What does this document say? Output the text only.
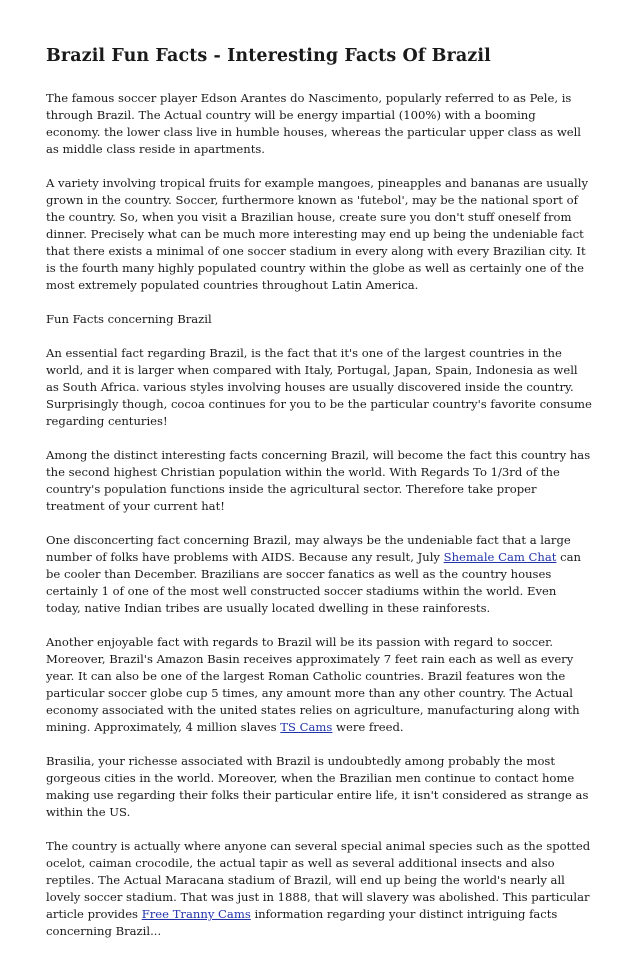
Brazil Fun Facts - Interesting Facts Of Brazil

The famous soccer player Edson Arantes do Nascimento, popularly referred to as Pele, is through Brazil. The Actual country will be energy impartial (100%) with a booming economy. the lower class live in humble houses, whereas the particular upper class as well as middle class reside in apartments.

A variety involving tropical fruits for example mangoes, pineapples and bananas are usually grown in the country. Soccer, furthermore known as 'futebol', may be the national sport of the country. So, when you visit a Brazilian house, create sure you don't stuff oneself from dinner. Precisely what can be much more interesting may end up being the undeniable fact that there exists a minimal of one soccer stadium in every along with every Brazilian city. It is the fourth many highly populated country within the globe as well as certainly one of the most extremely populated countries throughout Latin America.

Fun Facts concerning Brazil

An essential fact regarding Brazil, is the fact that it's one of the largest countries in the world, and it is larger when compared with Italy, Portugal, Japan, Spain, Indonesia as well as South Africa. various styles involving houses are usually discovered inside the country. Surprisingly though, cocoa continues for you to be the particular country's favorite consume regarding centuries!

Among the distinct interesting facts concerning Brazil, will become the fact this country has the second highest Christian population within the world. With Regards To 1/3rd of the country's population functions inside the agricultural sector. Therefore take proper treatment of your current hat!

One disconcerting fact concerning Brazil, may always be the undeniable fact that a large number of folks have problems with AIDS. Because any result, July Shemale Cam Chat can be cooler than December. Brazilians are soccer fanatics as well as the country houses certainly 1 of one of the most well constructed soccer stadiums within the world. Even today, native Indian tribes are usually located dwelling in these rainforests.

Another enjoyable fact with regards to Brazil will be its passion with regard to soccer. Moreover, Brazil's Amazon Basin receives approximately 7 feet rain each as well as every year. It can also be one of the largest Roman Catholic countries. Brazil features won the particular soccer globe cup 5 times, any amount more than any other country. The Actual economy associated with the united states relies on agriculture, manufacturing along with mining. Approximately, 4 million slaves TS Cams were freed.

Brasilia, your richesse associated with Brazil is undoubtedly among probably the most gorgeous cities in the world. Moreover, when the Brazilian men continue to contact home making use regarding their folks their particular entire life, it isn't considered as strange as within the US.

The country is actually where anyone can several special animal species such as the spotted ocelot, caiman crocodile, the actual tapir as well as several additional insects and also reptiles. The Actual Maracana stadium of Brazil, will end up being the world's nearly all lovely soccer stadium. That was just in 1888, that will slavery was abolished. This particular article provides Free Tranny Cams information regarding your distinct intriguing facts concerning Brazil...
